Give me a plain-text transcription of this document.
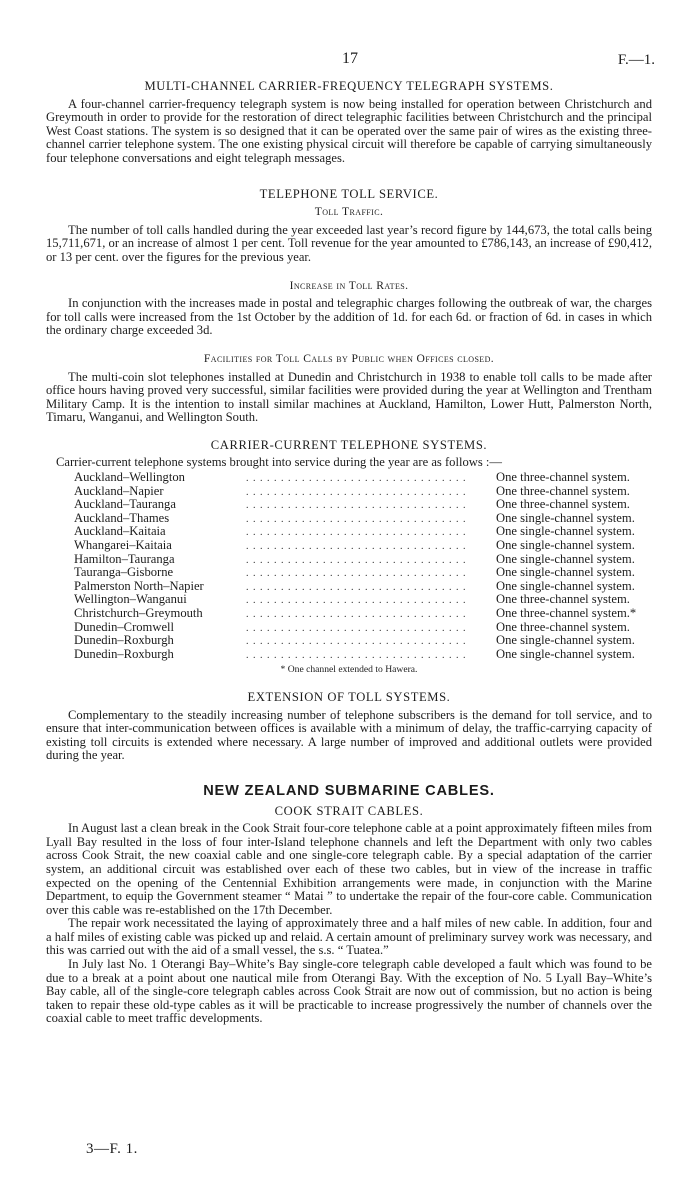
17	F.—1.
MULTI-CHANNEL CARRIER-FREQUENCY TELEGRAPH SYSTEMS.

A four-channel carrier-frequency telegraph system is now being installed for operation between Christchurch and Greymouth in order to provide for the restoration of direct telegraphic facilities between Christchurch and the principal West Coast stations. The system is so designed that it can be operated over the same pair of wires as the existing three-channel carrier telephone system. The one existing physical circuit will therefore be capable of carrying simultaneously four telephone conversations and eight telegraph messages.

TELEPHONE TOLL SERVICE.
Toll Traffic.

The number of toll calls handled during the year exceeded last year’s record figure by 144,673, the total calls being 15,711,671, or an increase of almost 1 per cent. Toll revenue for the year amounted to £786,143, an increase of £90,412, or 13 per cent. over the figures for the previous year.

Increase in Toll Rates.

In conjunction with the increases made in postal and telegraphic charges following the outbreak of war, the charges for toll calls were increased from the 1st October by the addition of 1d. for each 6d. or fraction of 6d. in cases in which the ordinary charge exceeded 3d.

Facilities for Toll Calls by Public when Offices closed.

The multi-coin slot telephones installed at Dunedin and Christchurch in 1938 to enable toll calls to be made after office hours having proved very successful, similar facilities were provided during the year at Wellington and Trentham Military Camp. It is the intention to install similar machines at Auckland, Hamilton, Lower Hutt, Palmerston North, Timaru, Wanganui, and Wellington South.

CARRIER-CURRENT TELEPHONE SYSTEMS.

Carrier-current telephone systems brought into service during the year are as follows :—

Auckland–Wellington	. . . . . . . . . . . . . . . . . . . . . . . . . . . . . . . .	One three-channel system.
Auckland–Napier	. . . . . . . . . . . . . . . . . . . . . . . . . . . . . . . .	One three-channel system.
Auckland–Tauranga	. . . . . . . . . . . . . . . . . . . . . . . . . . . . . . . .	One three-channel system.
Auckland–Thames	. . . . . . . . . . . . . . . . . . . . . . . . . . . . . . . .	One single-channel system.
Auckland–Kaitaia	. . . . . . . . . . . . . . . . . . . . . . . . . . . . . . . .	One single-channel system.
Whangarei–Kaitaia	. . . . . . . . . . . . . . . . . . . . . . . . . . . . . . . .	One single-channel system.
Hamilton–Tauranga	. . . . . . . . . . . . . . . . . . . . . . . . . . . . . . . .	One single-channel system.
Tauranga–Gisborne	. . . . . . . . . . . . . . . . . . . . . . . . . . . . . . . .	One single-channel system.
Palmerston North–Napier	. . . . . . . . . . . . . . . . . . . . . . . . . . . . . . . .	One single-channel system.
Wellington–Wanganui	. . . . . . . . . . . . . . . . . . . . . . . . . . . . . . . .	One three-channel system.
Christchurch–Greymouth	. . . . . . . . . . . . . . . . . . . . . . . . . . . . . . . .	One three-channel system.*
Dunedin–Cromwell	. . . . . . . . . . . . . . . . . . . . . . . . . . . . . . . .	One three-channel system.
Dunedin–Roxburgh	. . . . . . . . . . . . . . . . . . . . . . . . . . . . . . . .	One single-channel system.
Dunedin–Roxburgh	. . . . . . . . . . . . . . . . . . . . . . . . . . . . . . . .	One single-channel system.
* One channel extended to Hawera.
EXTENSION OF TOLL SYSTEMS.

Complementary to the steadily increasing number of telephone subscribers is the demand for toll service, and to ensure that inter-communication between offices is available with a minimum of delay, the traffic-carrying capacity of existing toll circuits is extended where necessary. A large number of improved and additional outlets were provided during the year.

NEW ZEALAND SUBMARINE CABLES.
COOK STRAIT CABLES.

In August last a clean break in the Cook Strait four-core telephone cable at a point approximately fifteen miles from Lyall Bay resulted in the loss of four inter-Island telephone channels and left the Department with only two cables across Cook Strait, the new coaxial cable and one single-core telegraph cable. By a special adaptation of the carrier system, an additional circuit was established over each of these two cables, but in view of the increase in traffic expected on the opening of the Centennial Exhibition arrangements were made, in conjunction with the Marine Department, to equip the Government steamer “ Matai ” to undertake the repair of the four-core cable. Communication over this cable was re-established on the 17th December.

The repair work necessitated the laying of approximately three and a half miles of new cable. In addition, four and a half miles of existing cable was picked up and relaid. A certain amount of preliminary survey work was necessary, and this was carried out with the aid of a small vessel, the s.s. “ Tuatea.”

In July last No. 1 Oterangi Bay–White’s Bay single-core telegraph cable developed a fault which was found to be due to a break at a point about one nautical mile from Oterangi Bay. With the exception of No. 5 Lyall Bay–White’s Bay cable, all of the single-core telegraph cables across Cook Strait are now out of commission, but no action is being taken to repair these old-type cables as it will be practicable to increase progressively the number of channels over the coaxial cable to meet traffic developments.

3—F. 1.
